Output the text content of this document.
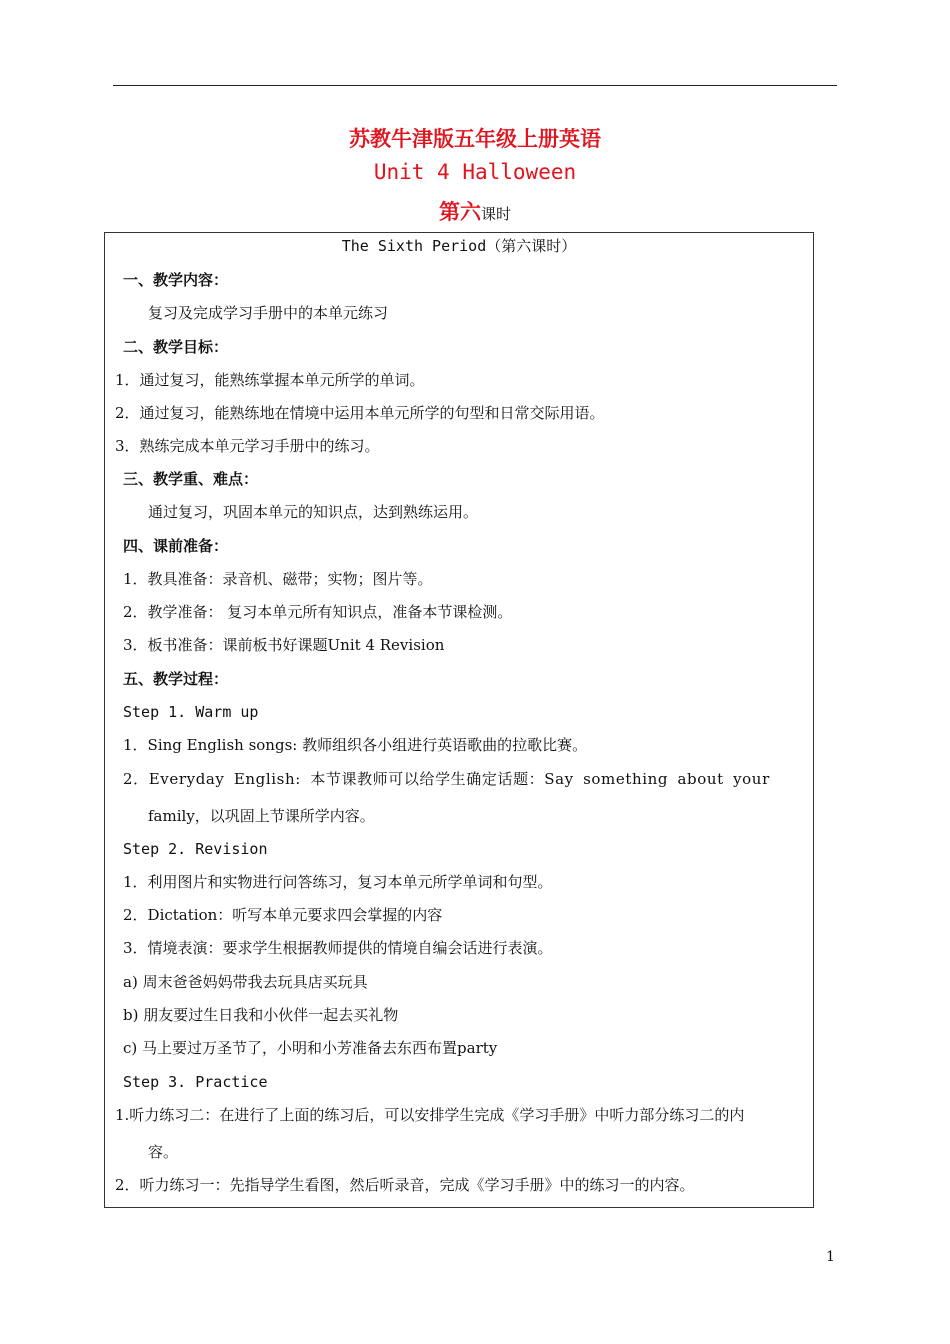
苏教牛津版五年级上册英语
Unit 4 Halloween
第六课时
The Sixth Period（第六课时）
一、教学内容：
复习及完成学习手册中的本单元练习
二、教学目标：
1．通过复习，能熟练掌握本单元所学的单词。
2．通过复习，能熟练地在情境中运用本单元所学的句型和日常交际用语。
3．熟练完成本单元学习手册中的练习。
三、教学重、难点：
通过复习，巩固本单元的知识点，达到熟练运用。
四、课前准备：
1．教具准备：录音机、磁带；实物；图片等。
2．教学准备： 复习本单元所有知识点，准备本节课检测。
3．板书准备：课前板书好课题Unit 4 Revision
五、教学过程：
Step 1. Warm up
1．Sing English songs: 教师组织各小组进行英语歌曲的拉歌比赛。
2．Everyday English: 本节课教师可以给学生确定话题：Say something about your
family，以巩固上节课所学内容。
Step 2. Revision
1．利用图片和实物进行问答练习，复习本单元所学单词和句型。
2．Dictation：听写本单元要求四会掌握的内容
3．情境表演：要求学生根据教师提供的情境自编会话进行表演。
a) 周末爸爸妈妈带我去玩具店买玩具
b) 朋友要过生日我和小伙伴一起去买礼物
c) 马上要过万圣节了，小明和小芳准备去东西布置party
Step 3. Practice
1.听力练习二：在进行了上面的练习后，可以安排学生完成《学习手册》中听力部分练习二的内
容。
2．听力练习一：先指导学生看图，然后听录音，完成《学习手册》中的练习一的内容。
1
